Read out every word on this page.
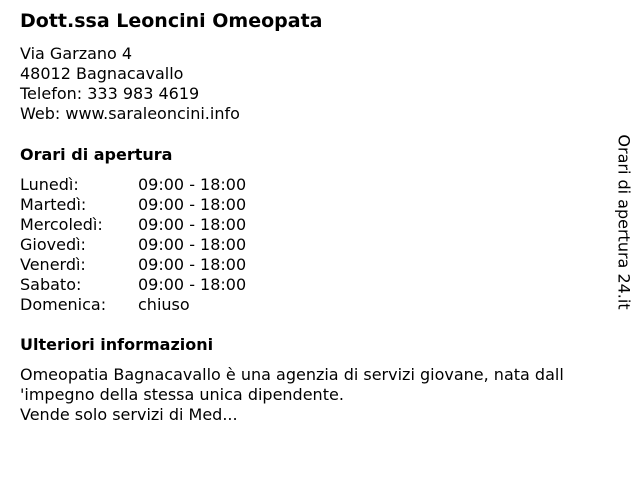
Dott.ssa Leoncini Omeopata
Via Garzano 4
48012 Bagnacavallo
Telefon: 333 983 4619
Web: www.saraleoncini.info
Orari di apertura
Lunedì:	09:00 - 18:00
Martedì:	09:00 - 18:00
Mercoledì: 09:00 - 18:00
Giovedì:	09:00 - 18:00
Venerdì:	09:00 - 18:00
Sabato:	09:00 - 18:00
Domenica: chiuso
Ulteriori informazioni
Omeopatia Bagnacavallo è una agenzia di servizi giovane, nata dall
'impegno della stessa unica dipendente.
Vende solo servizi di Med...
Orari di apertura 24.it
